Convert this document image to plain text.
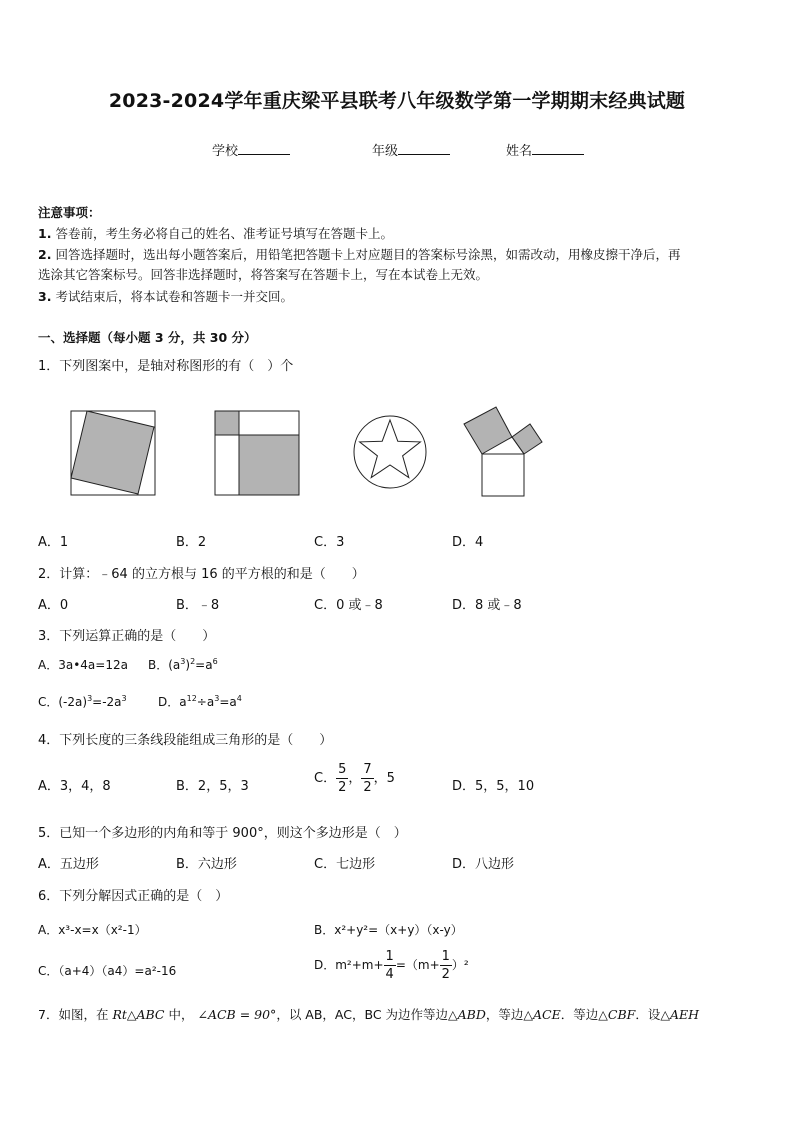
2023-2024学年重庆梁平县联考八年级数学第一学期期末经典试题
学校	年级	姓名
注意事项：
1. 答卷前，考生务必将自己的姓名、准考证号填写在答题卡上。
2. 回答选择题时，选出每小题答案后，用铅笔把答题卡上对应题目的答案标号涂黑，如需改动，用橡皮擦干净后，再
选涂其它答案标号。回答非选择题时，将答案写在答题卡上，写在本试卷上无效。
3. 考试结束后，将本试卷和答题卡一并交回。
一、选择题（每小题 3 分，共 30 分）
1．下列图案中，是轴对称图形的有（　）个
A．1	B．2	C．3	D．4
2．计算：﹣64 的立方根与 16 的平方根的和是（　　）
A．0	B．﹣8	C．0 或﹣8	D．8 或﹣8
3．下列运算正确的是（　　）
A．3a•4a=12a B．$(a^3)^2=a^6$
C．$(-2a)^3=-2a^3$	D．$a^{12}\div a^3=a^4$
4．下列长度的三条线段能组成三角形的是（　　）
A．3，4，8	B．2，5，3
C． $\frac{5}{2}$ ， $\frac{7}{2}$ ，5
D．5，5，10
5．已知一个多边形的内角和等于 900°，则这个多边形是（　）
A．五边形	B．六边形	C．七边形	D．八边形
6．下列分解因式正确的是（　）
A．x³-x=x（x²-1）	B．x²+y²=（x+y）（x-y）
C．（a+4）（a4）=a²-16	D．$m^2+m+ \frac{1}{4} =(m+ \frac{1}{2} )^2$
7．如图，在 Rt△ABC 中， ∠ACB = 90°，以 AB，AC，BC 为边作等边△ABD，等边△ACE．等边△CBF．设△AEH
